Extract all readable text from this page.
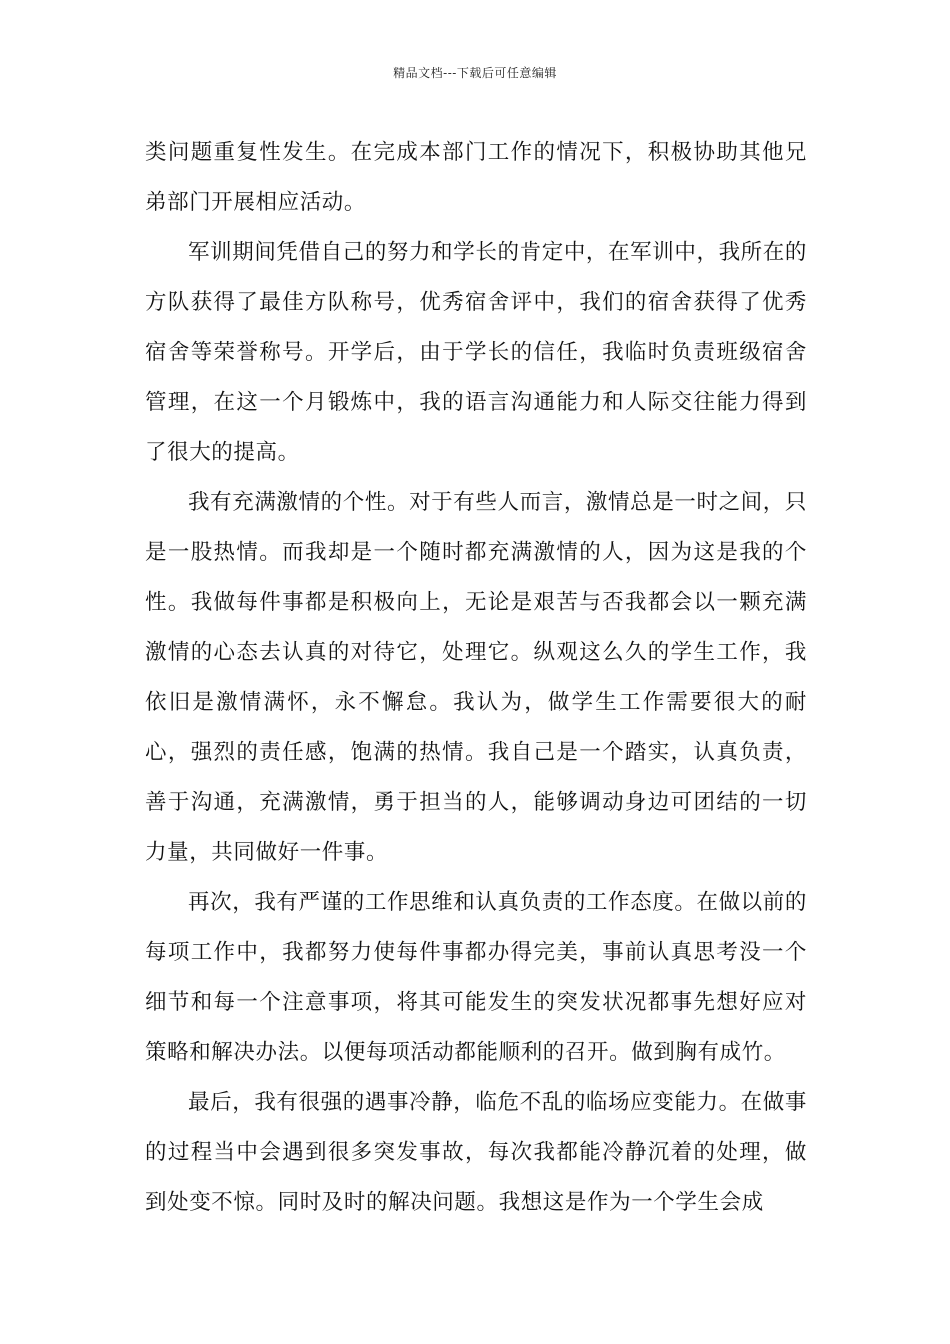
精品文档---下载后可任意编辑

类问题重复性发生。在完成本部门工作的情况下，积极协助其他兄弟部门开展相应活动。

军训期间凭借自己的努力和学长的肯定中，在军训中，我所在的方队获得了最佳方队称号，优秀宿舍评中，我们的宿舍获得了优秀宿舍等荣誉称号。开学后，由于学长的信任，我临时负责班级宿舍管理，在这一个月锻炼中，我的语言沟通能力和人际交往能力得到了很大的提高。

我有充满激情的个性。对于有些人而言，激情总是一时之间，只是一股热情。而我却是一个随时都充满激情的人，因为这是我的个性。我做每件事都是积极向上，无论是艰苦与否我都会以一颗充满激情的心态去认真的对待它，处理它。纵观这么久的学生工作，我依旧是激情满怀，永不懈怠。我认为，做学生工作需要很大的耐心，强烈的责任感，饱满的热情。我自己是一个踏实，认真负责，善于沟通，充满激情，勇于担当的人，能够调动身边可团结的一切力量，共同做好一件事。

再次，我有严谨的工作思维和认真负责的工作态度。在做以前的每项工作中，我都努力使每件事都办得完美，事前认真思考没一个细节和每一个注意事项，将其可能发生的突发状况都事先想好应对策略和解决办法。以便每项活动都能顺利的召开。做到胸有成竹。

最后，我有很强的遇事冷静，临危不乱的临场应变能力。在做事的过程当中会遇到很多突发事故，每次我都能冷静沉着的处理，做到处变不惊。同时及时的解决问题。我想这是作为一个学生会成
